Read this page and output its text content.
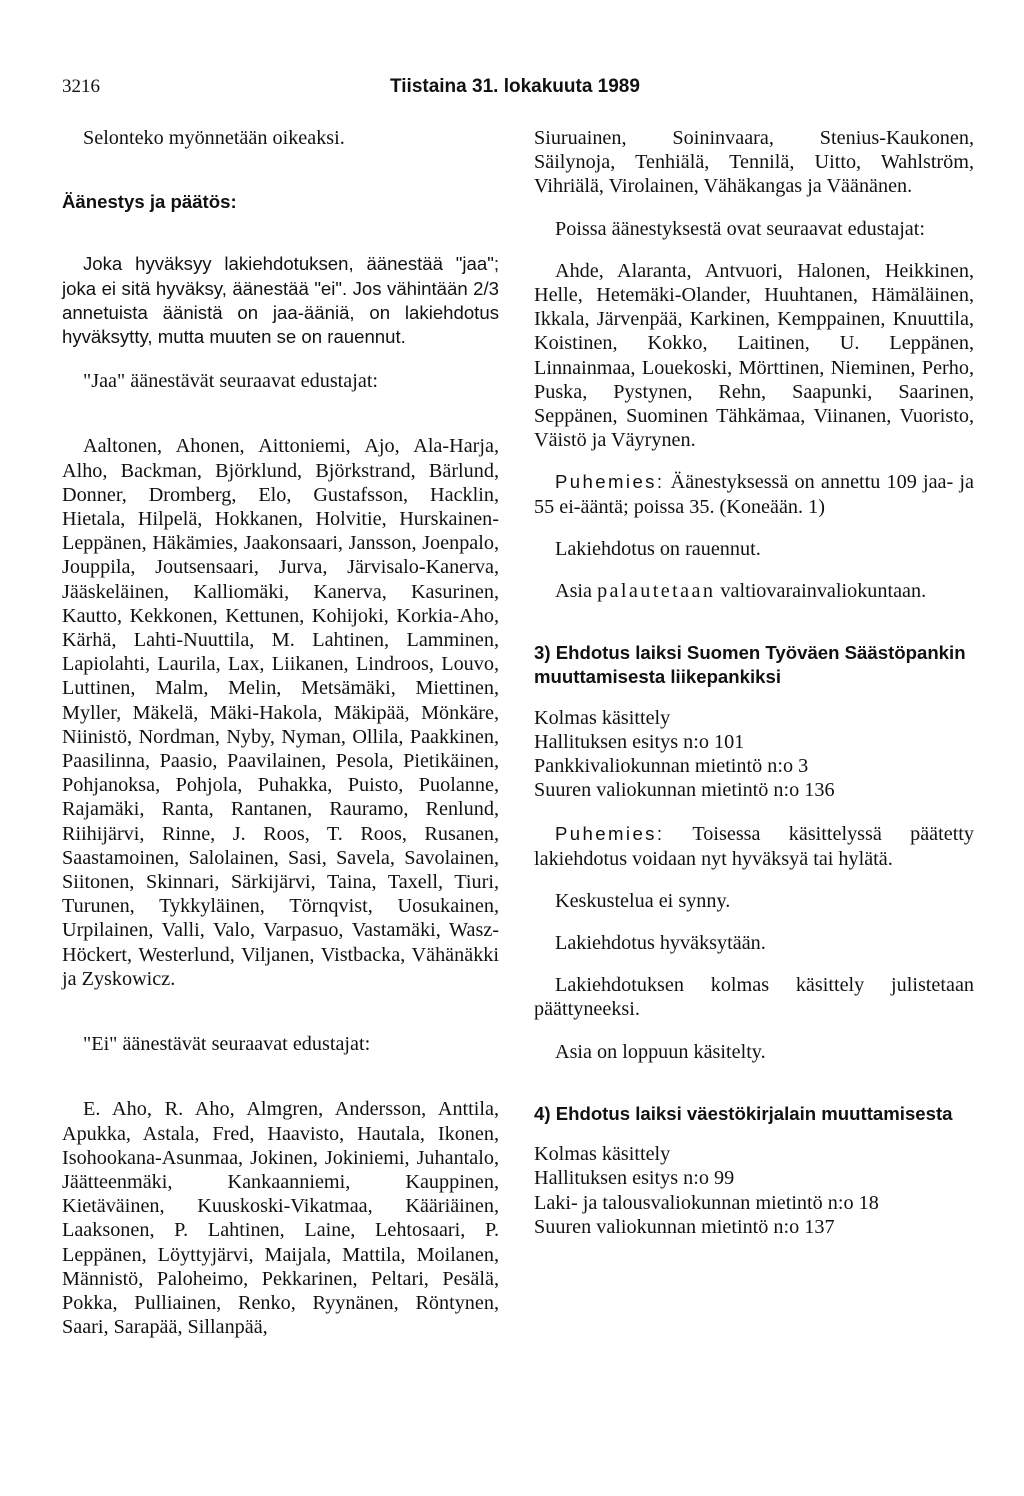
3216	Tiistaina 31. lokakuuta 1989

Selonteko myönnetään oikeaksi.

Äänestys ja päätös:

Joka hyväksyy lakiehdotuksen, äänestää "jaa"; joka ei sitä hyväksy, äänestää "ei". Jos vähintään 2/3 annetuista äänistä on jaa-ääniä, on lakiehdotus hyväksytty, mutta muuten se on rauennut.

"Jaa" äänestävät seuraavat edustajat:

Aaltonen, Ahonen, Aittoniemi, Ajo, Ala-Harja, Alho, Backman, Björklund, Björkstrand, Bärlund, Donner, Dromberg, Elo, Gustafsson, Hacklin, Hietala, Hilpelä, Hokkanen, Holvitie, Hurskainen-Leppänen, Häkämies, Jaakonsaari, Jansson, Joenpalo, Jouppila, Joutsensaari, Jurva, Järvisalo-Kanerva, Jääskeläinen, Kalliomäki, Kanerva, Kasurinen, Kautto, Kekkonen, Kettunen, Kohijoki, Korkia-Aho, Kärhä, Lahti-Nuuttila, M. Lahtinen, Lamminen, Lapiolahti, Laurila, Lax, Liikanen, Lindroos, Louvo, Luttinen, Malm, Melin, Metsämäki, Miettinen, Myller, Mäkelä, Mäki-Hakola, Mäkipää, Mönkäre, Niinistö, Nordman, Nyby, Nyman, Ollila, Paakkinen, Paasilinna, Paasio, Paavilainen, Pesola, Pietikäinen, Pohjanoksa, Pohjola, Puhakka, Puisto, Puolanne, Rajamäki, Ranta, Rantanen, Rauramo, Renlund, Riihijärvi, Rinne, J. Roos, T. Roos, Rusanen, Saastamoinen, Salolainen, Sasi, Savela, Savolainen, Siitonen, Skinnari, Särkijärvi, Taina, Taxell, Tiuri, Turunen, Tykkyläinen, Törnqvist, Uosukainen, Urpilainen, Valli, Valo, Varpasuo, Vastamäki, Wasz-Höckert, Westerlund, Viljanen, Vistbacka, Vähänäkki ja Zyskowicz.

"Ei" äänestävät seuraavat edustajat:

E. Aho, R. Aho, Almgren, Andersson, Anttila, Apukka, Astala, Fred, Haavisto, Hautala, Ikonen, Isohookana-Asunmaa, Jokinen, Jokiniemi, Juhantalo, Jäätteenmäki, Kankaanniemi, Kauppinen, Kietäväinen, Kuuskoski-Vikatmaa, Kääriäinen, Laaksonen, P. Lahtinen, Laine, Lehtosaari, P. Leppänen, Löyttyjärvi, Maijala, Mattila, Moilanen, Männistö, Paloheimo, Pekkarinen, Peltari, Pesälä, Pokka, Pulliainen, Renko, Ryynänen, Röntynen, Saari, Sarapää, Sillanpää,

Siuruainen, Soininvaara, Stenius-Kaukonen, Säilynoja, Tenhiälä, Tennilä, Uitto, Wahlström, Vihriälä, Virolainen, Vähäkangas ja Väänänen.

Poissa äänestyksestä ovat seuraavat edustajat:

Ahde, Alaranta, Antvuori, Halonen, Heikkinen, Helle, Hetemäki-Olander, Huuhtanen, Hämäläinen, Ikkala, Järvenpää, Karkinen, Kemppainen, Knuuttila, Koistinen, Kokko, Laitinen, U. Leppänen, Linnainmaa, Louekoski, Mörttinen, Nieminen, Perho, Puska, Pystynen, Rehn, Saapunki, Saarinen, Seppänen, Suominen Tähkämaa, Viinanen, Vuoristo, Väistö ja Väyrynen.

Puhemies: Äänestyksessä on annettu 109 jaa- ja 55 ei-ääntä; poissa 35. (Koneään. 1)

Lakiehdotus on rauennut.

Asia palautetaan valtiovarainvaliokuntaan.

3) Ehdotus laiksi Suomen Työväen Säästöpankin muuttamisesta liikepankiksi

Kolmas käsittely

Hallituksen esitys n:o 101

Pankkivaliokunnan mietintö n:o 3

Suuren valiokunnan mietintö n:o 136

Puhemies: Toisessa käsittelyssä päätetty lakiehdotus voidaan nyt hyväksyä tai hylätä.

Keskustelua ei synny.

Lakiehdotus hyväksytään.

Lakiehdotuksen kolmas käsittely julistetaan päättyneeksi.

Asia on loppuun käsitelty.

4) Ehdotus laiksi väestökirjalain muuttamisesta

Kolmas käsittely

Hallituksen esitys n:o 99

Laki- ja talousvaliokunnan mietintö n:o 18

Suuren valiokunnan mietintö n:o 137
